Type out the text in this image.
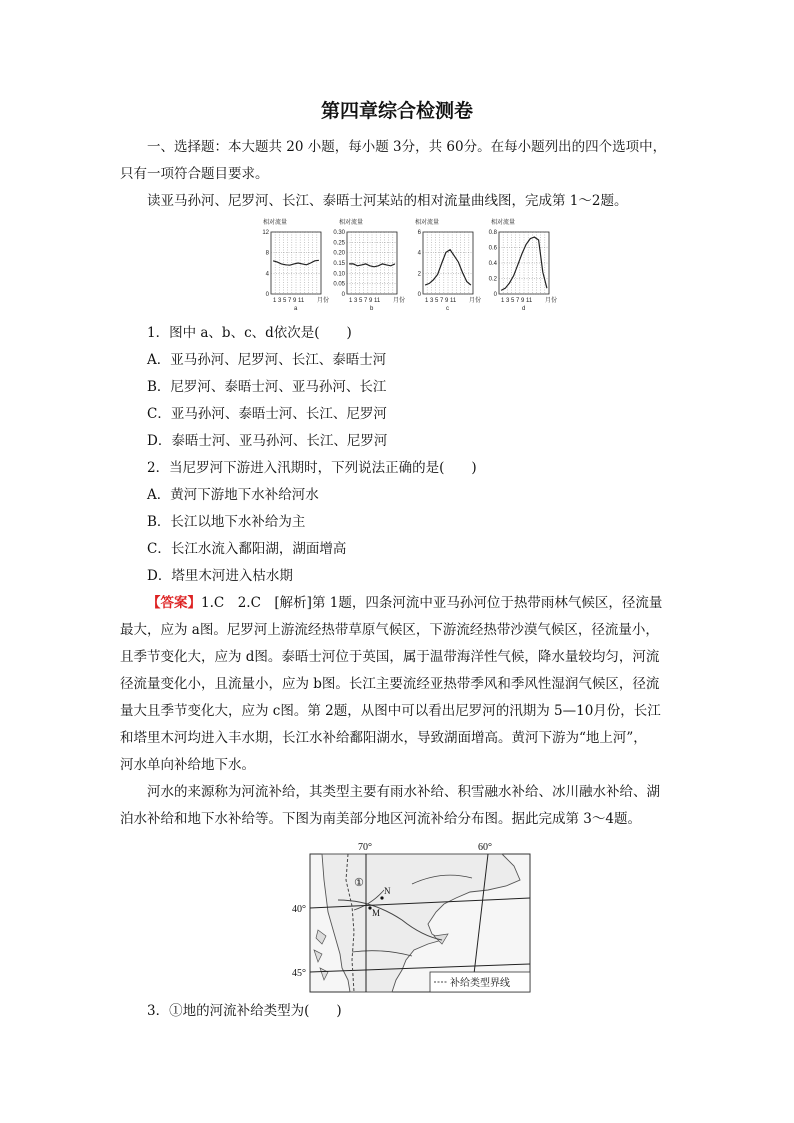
第四章综合检测卷
一、选择题：本大题共 20 小题，每小题 3分，共 60分。在每小题列出的四个选项中，
只有一项符合题目要求。
读亚马孙河、尼罗河、长江、泰晤士河某站的相对流量曲线图，完成第 1～2题。
相对流量
12
8
4
0
1 3 5 7 9 11 月份
a
相对流量
0.30
0.25
0.20
0.15
0.10
0.05
0
1 3 5 7 9 11 月份
b
相对流量
6
4
2
0
1 3 5 7 9 11 月份
c
相对流量
0.8
0.6
0.4
0.2
0
1 3 5 7 9 11 月份
d
1．图中 a、b、c、d依次是(　　)
A．亚马孙河、尼罗河、长江、泰晤士河
B．尼罗河、泰晤士河、亚马孙河、长江
C．亚马孙河、泰晤士河、长江、尼罗河
D．泰晤士河、亚马孙河、长江、尼罗河
2．当尼罗河下游进入汛期时，下列说法正确的是(　　)
A．黄河下游地下水补给河水
B．长江以地下水补给为主
C．长江水流入鄱阳湖，湖面增高
D．塔里木河进入枯水期
【答案】1.C　2.C　[解析]第 1题，四条河流中亚马孙河位于热带雨林气候区，径流量
最大，应为 a图。尼罗河上游流经热带草原气候区，下游流经热带沙漠气候区，径流量小，
且季节变化大，应为 d图。泰晤士河位于英国，属于温带海洋性气候，降水量较均匀，河流
径流量变化小，且流量小，应为 b图。长江主要流经亚热带季风和季风性湿润气候区，径流
量大且季节变化大，应为 c图。第 2题，从图中可以看出尼罗河的汛期为 5—10月份，长江
和塔里木河均进入丰水期，长江水补给鄱阳湖水，导致湖面增高。黄河下游为“地上河”，
河水单向补给地下水。
河水的来源称为河流补给，其类型主要有雨水补给、积雪融水补给、冰川融水补给、湖
泊水补给和地下水补给等。下图为南美部分地区河流补给分布图。据此完成第 3～4题。
70°	60°
40°
45°
①
N
M
补给类型界线
3．①地的河流补给类型为(　　)
